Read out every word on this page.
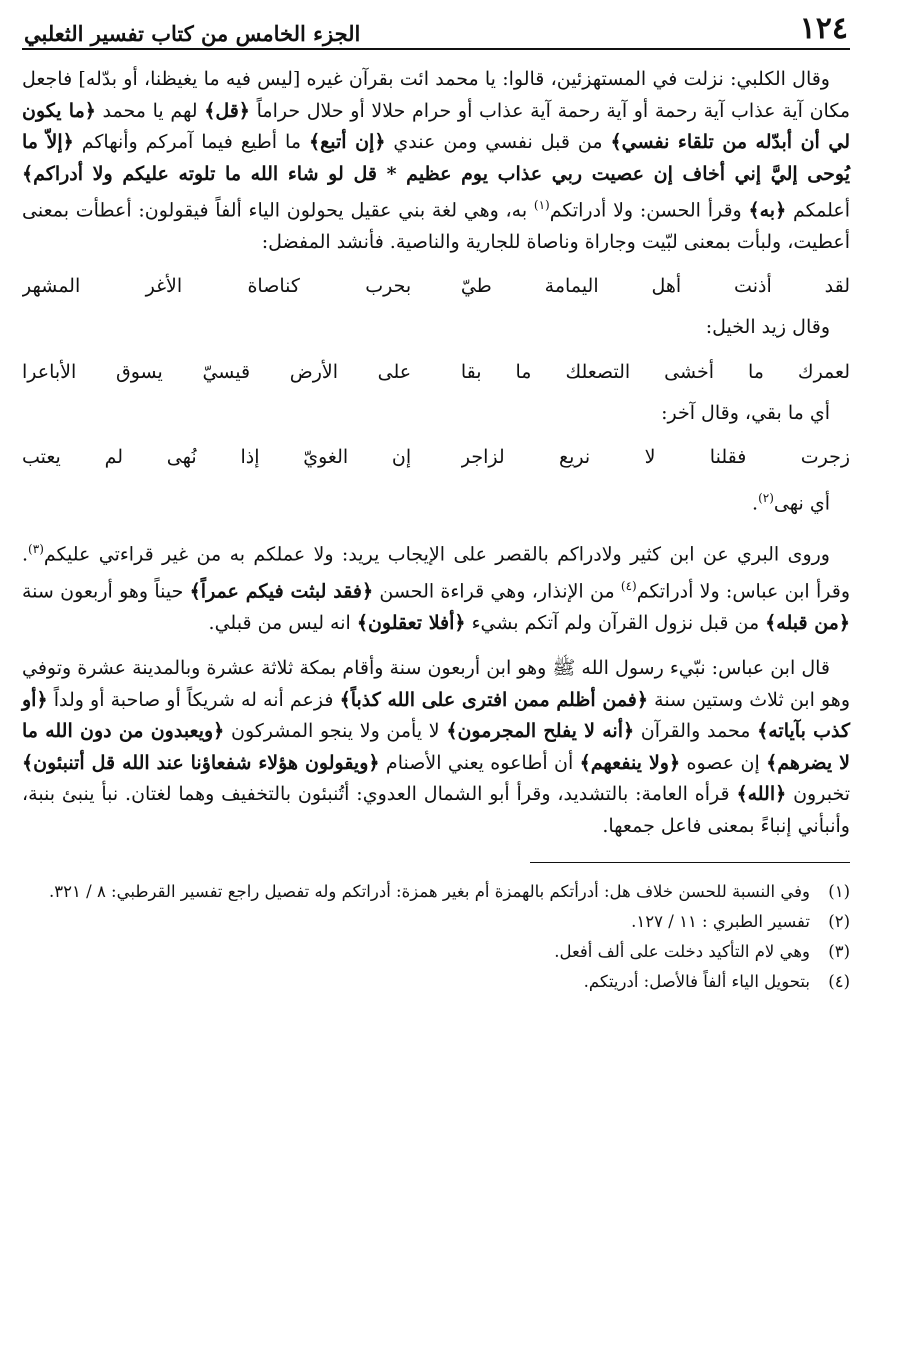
١٢٤
الجزء الخامس من كتاب تفسير الثعلبي

وقال الكلبي: نزلت في المستهزئين، قالوا: يا محمد ائت بقرآن غيره [ليس فيه ما يغيظنا، أو بدّله] فاجعل مكان آية عذاب آية رحمة أو آية رحمة آية عذاب أو حرام حلالا أو حلال حراماً ﴿قل﴾ لهم يا محمد ﴿ما يكون لي أن أبدّله من تلقاء نفسي﴾ من قبل نفسي ومن عندي ﴿إن أتبع﴾ ما أطيع فيما آمركم وأنهاكم ﴿إلاّ ما يُوحى إليَّ إني أخاف إن عصيت ربي عذاب يوم عظيم * قل لو شاء الله ما تلوته عليكم ولا أدراكم﴾ أعلمكم ﴿به﴾ وقرأ الحسن: ولا أدراتكم$^{(١)}$ به، وهي لغة بني عقيل يحولون الياء ألفاً فيقولون: أعطأت بمعنى أعطيت، ولبأت بمعنى لبّيت وجاراة وناصاة للجارية والناصية. فأنشد المفضل:

لقد أذنت أهل اليمامة طيّ
بحرب كناصاة الأغر المشهر

وقال زيد الخيل:

لعمرك ما أخشى التصعلك ما بقا
على الأرض قيسيّ يسوق الأباعرا

أي ما بقي، وقال آخر:

زجرت فقلنا لا نريع لزاجر
إن الغويّ إذا نُهى لم يعتب

أي نهى$^{(٢)}$.

وروى البري عن ابن كثير ولادراكم بالقصر على الإيجاب يريد: ولا عملكم به من غير قراءتي عليكم$^{(٣)}$. وقرأ ابن عباس: ولا أدراتكم$^{(٤)}$ من الإنذار، وهي قراءة الحسن ﴿فقد لبثت فيكم عمراً﴾ حيناً وهو أربعون سنة ﴿من قبله﴾ من قبل نزول القرآن ولم آتكم بشيء ﴿أفلا تعقلون﴾ انه ليس من قبلي.

قال ابن عباس: نبّيء رسول الله ﷺ وهو ابن أربعون سنة وأقام بمكة ثلاثة عشرة وبالمدينة عشرة وتوفي وهو ابن ثلاث وستين سنة ﴿فمن أظلم ممن افترى على الله كذباً﴾ فزعم أنه له شريكاً أو صاحبة أو ولداً ﴿أو كذب بآياته﴾ محمد والقرآن ﴿أنه لا يفلح المجرمون﴾ لا يأمن ولا ينجو المشركون ﴿ويعبدون من دون الله ما لا يضرهم﴾ إن عصوه ﴿ولا ينفعهم﴾ أن أطاعوه يعني الأصنام ﴿ويقولون هؤلاء شفعاؤنا عند الله قل أتنبئون﴾ تخبرون ﴿الله﴾ قرأه العامة: بالتشديد، وقرأ أبو الشمال العدوي: أتُنبئون بالتخفيف وهما لغتان. نبأ ينبئ بنبة، وأنبأني إنباءً بمعنى فاعل جمعها.

(١)
وفي النسبة للحسن خلاف هل: أدرأتكم بالهمزة أم بغير همزة: أدراتكم وله تفصيل راجع تفسير القرطبي: ٨ / ٣٢١.

(٢)
تفسير الطبري : ١١ / ١٢٧.

(٣)
وهي لام التأكيد دخلت على ألف أفعل.

(٤)
بتحويل الياء ألفاً فالأصل: أدريتكم.
